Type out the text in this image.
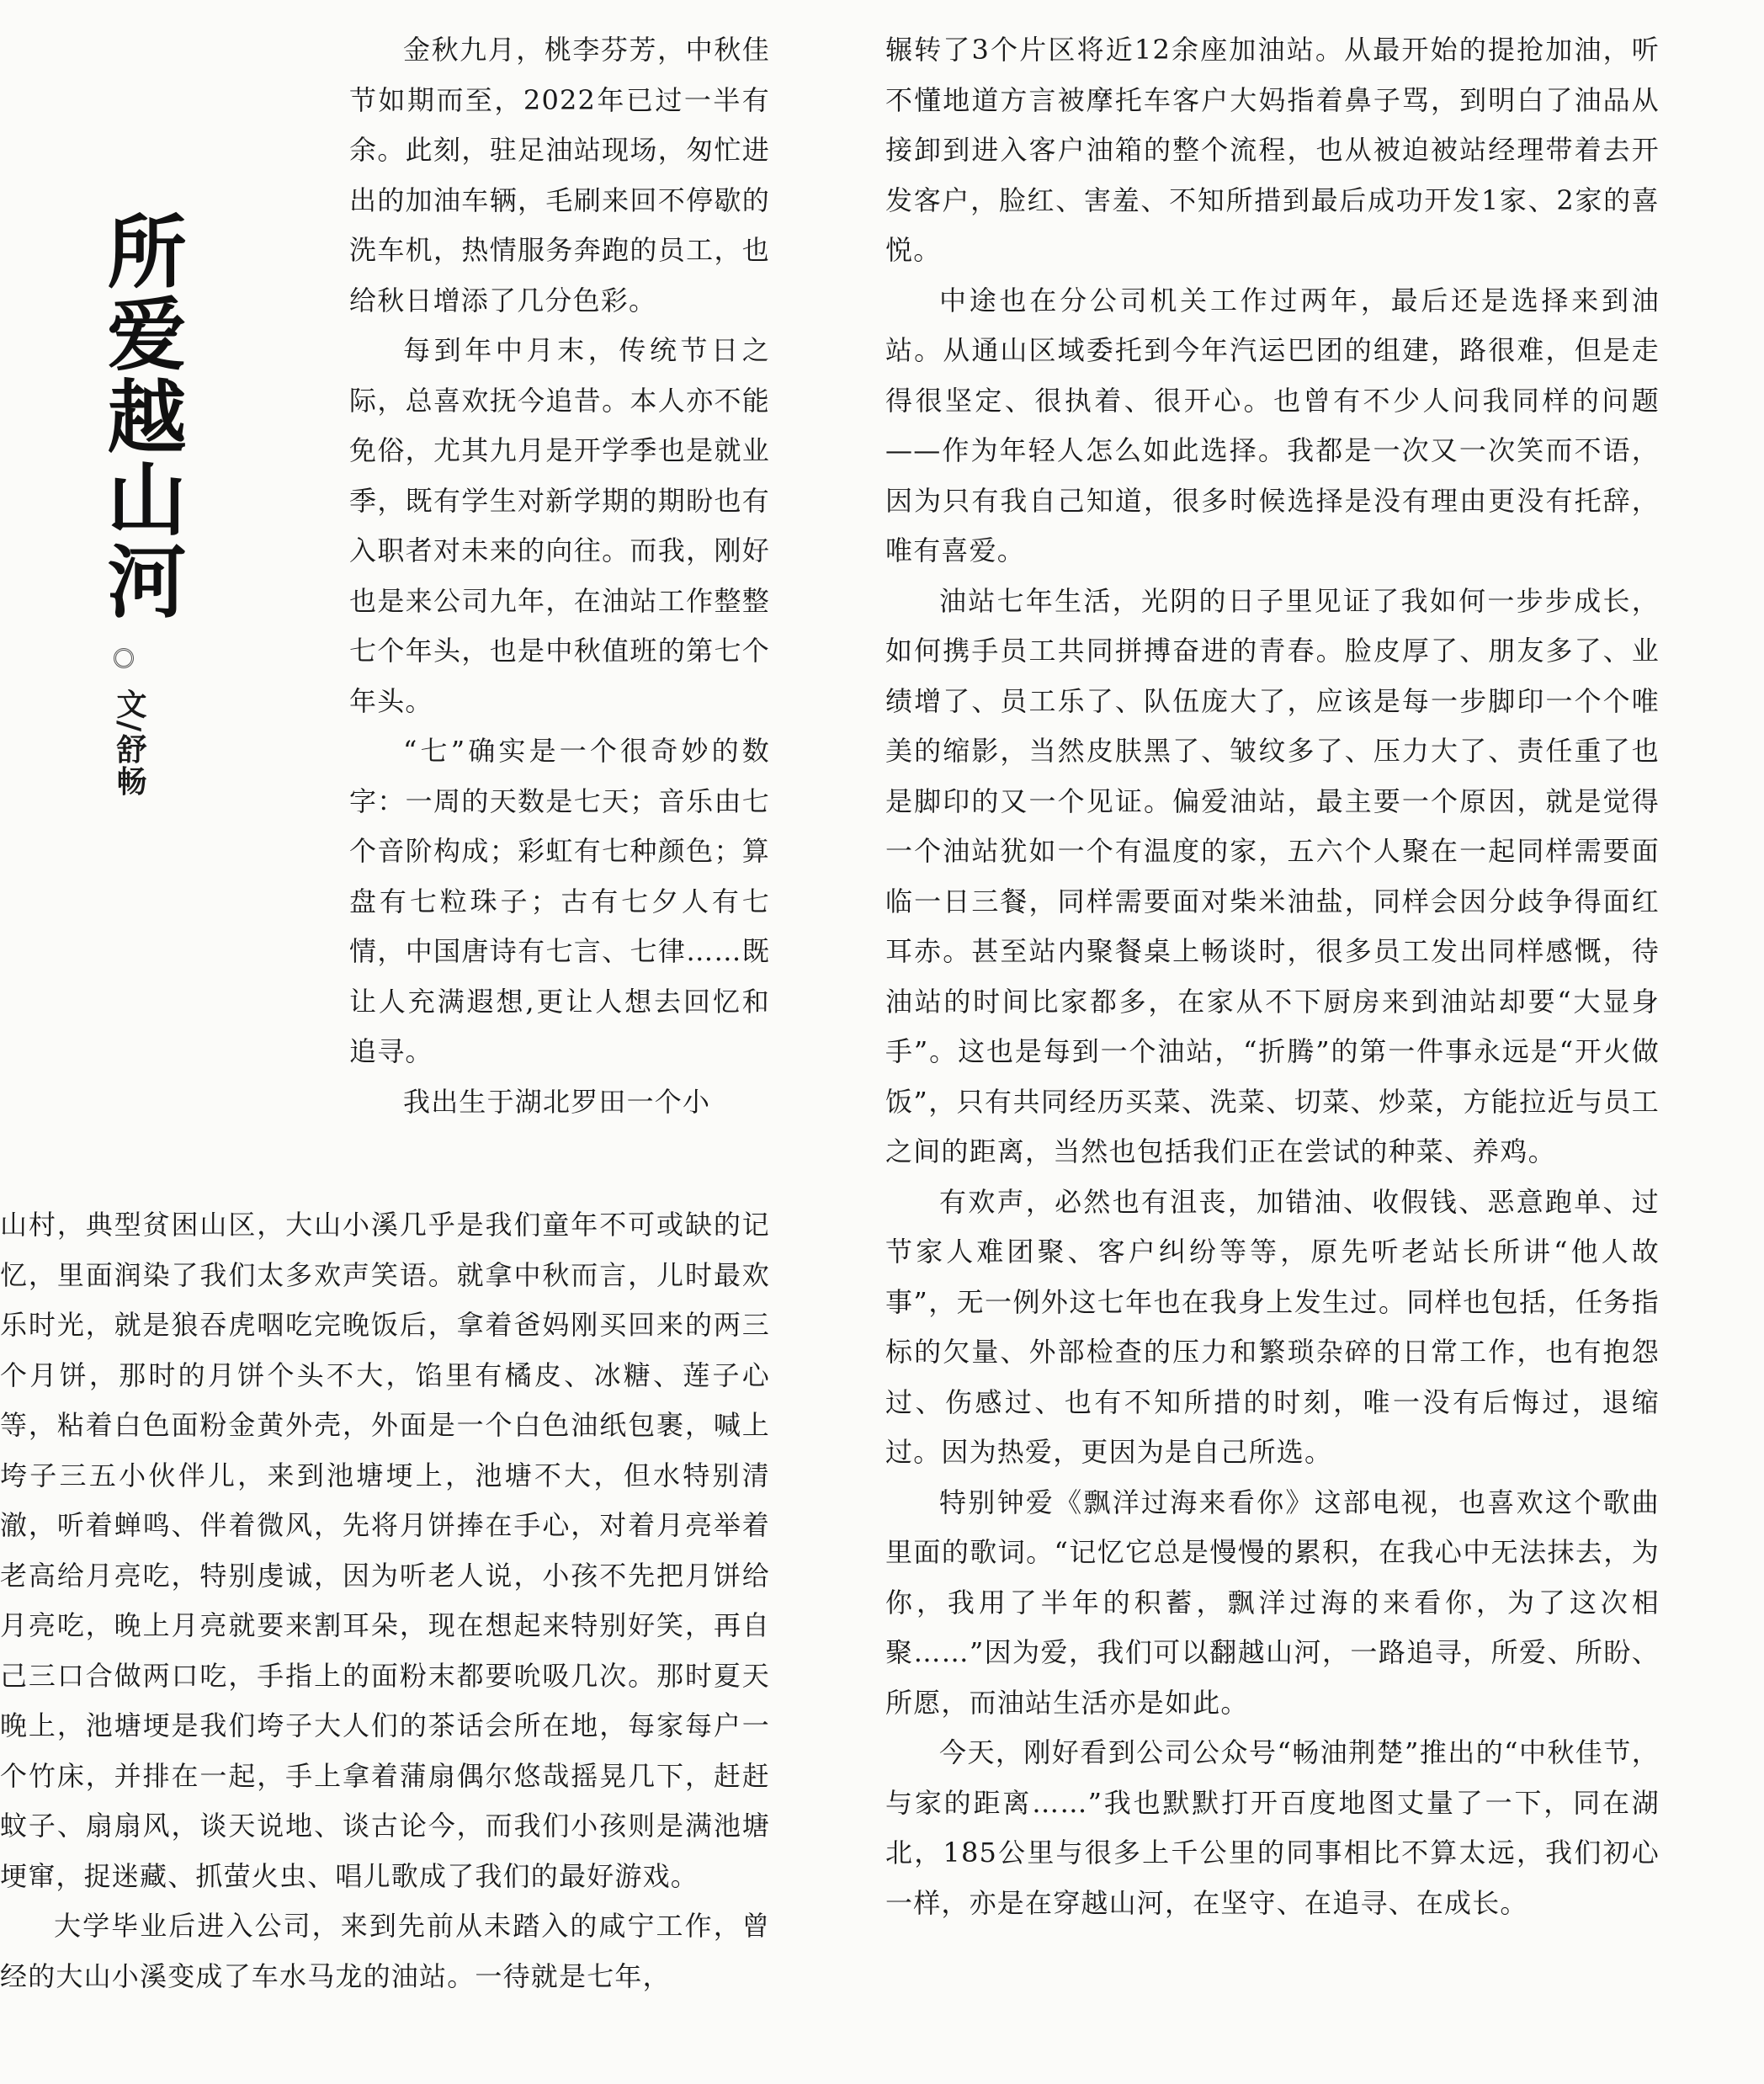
所爱越山河
文/舒畅

金秋九月，桃李芬芳，中秋佳节如期而至，2022年已过一半有余。此刻，驻足油站现场，匆忙进出的加油车辆，毛刷来回不停歇的洗车机，热情服务奔跑的员工，也给秋日增添了几分色彩。

每到年中月末，传统节日之际，总喜欢抚今追昔。本人亦不能免俗，尤其九月是开学季也是就业季，既有学生对新学期的期盼也有入职者对未来的向往。而我，刚好也是来公司九年，在油站工作整整七个年头，也是中秋值班的第七个年头。

“七”确实是一个很奇妙的数字：一周的天数是七天；音乐由七个音阶构成；彩虹有七种颜色；算盘有七粒珠子；古有七夕人有七情，中国唐诗有七言、七律……既让人充满遐想,更让人想去回忆和追寻。

我出生于湖北罗田一个小

山村，典型贫困山区，大山小溪几乎是我们童年不可或缺的记忆，里面润染了我们太多欢声笑语。就拿中秋而言，儿时最欢乐时光，就是狼吞虎咽吃完晚饭后，拿着爸妈刚买回来的两三个月饼，那时的月饼个头不大，馅里有橘皮、冰糖、莲子心等，粘着白色面粉金黄外壳，外面是一个白色油纸包裹，喊上垮子三五小伙伴儿，来到池塘埂上，池塘不大，但水特别清澈，听着蝉鸣、伴着微风，先将月饼捧在手心，对着月亮举着老高给月亮吃，特别虔诚，因为听老人说，小孩不先把月饼给月亮吃，晚上月亮就要来割耳朵，现在想起来特别好笑，再自己三口合做两口吃，手指上的面粉末都要吮吸几次。那时夏天晚上，池塘埂是我们垮子大人们的茶话会所在地，每家每户一个竹床，并排在一起，手上拿着蒲扇偶尔悠哉摇晃几下，赶赶蚊子、扇扇风，谈天说地、谈古论今，而我们小孩则是满池塘埂窜，捉迷藏、抓萤火虫、唱儿歌成了我们的最好游戏。

大学毕业后进入公司，来到先前从未踏入的咸宁工作，曾经的大山小溪变成了车水马龙的油站。一待就是七年，

辗转了3个片区将近12余座加油站。从最开始的提抢加油，听不懂地道方言被摩托车客户大妈指着鼻子骂，到明白了油品从接卸到进入客户油箱的整个流程，也从被迫被站经理带着去开发客户，脸红、害羞、不知所措到最后成功开发1家、2家的喜悦。

中途也在分公司机关工作过两年，最后还是选择来到油站。从通山区域委托到今年汽运巴团的组建，路很难，但是走得很坚定、很执着、很开心。也曾有不少人问我同样的问题——作为年轻人怎么如此选择。我都是一次又一次笑而不语，因为只有我自己知道，很多时候选择是没有理由更没有托辞，唯有喜爱。

油站七年生活，光阴的日子里见证了我如何一步步成长，如何携手员工共同拼搏奋进的青春。脸皮厚了、朋友多了、业绩增了、员工乐了、队伍庞大了，应该是每一步脚印一个个唯美的缩影，当然皮肤黑了、皱纹多了、压力大了、责任重了也是脚印的又一个见证。偏爱油站，最主要一个原因，就是觉得一个油站犹如一个有温度的家，五六个人聚在一起同样需要面临一日三餐，同样需要面对柴米油盐，同样会因分歧争得面红耳赤。甚至站内聚餐桌上畅谈时，很多员工发出同样感慨，待油站的时间比家都多，在家从不下厨房来到油站却要“大显身手”。这也是每到一个油站，“折腾”的第一件事永远是“开火做饭”，只有共同经历买菜、洗菜、切菜、炒菜，方能拉近与员工之间的距离，当然也包括我们正在尝试的种菜、养鸡。

有欢声，必然也有沮丧，加错油、收假钱、恶意跑单、过节家人难团聚、客户纠纷等等，原先听老站长所讲“他人故事”，无一例外这七年也在我身上发生过。同样也包括，任务指标的欠量、外部检查的压力和繁琐杂碎的日常工作，也有抱怨过、伤感过、也有不知所措的时刻，唯一没有后悔过，退缩过。因为热爱，更因为是自己所选。

特别钟爱《飘洋过海来看你》这部电视，也喜欢这个歌曲里面的歌词。“记忆它总是慢慢的累积，在我心中无法抹去，为你，我用了半年的积蓄，飘洋过海的来看你，为了这次相聚……”因为爱，我们可以翻越山河，一路追寻，所爱、所盼、所愿，而油站生活亦是如此。

今天，刚好看到公司公众号“畅油荆楚”推出的“中秋佳节，与家的距离……”我也默默打开百度地图丈量了一下，同在湖北，185公里与很多上千公里的同事相比不算太远，我们初心一样，亦是在穿越山河，在坚守、在追寻、在成长。
